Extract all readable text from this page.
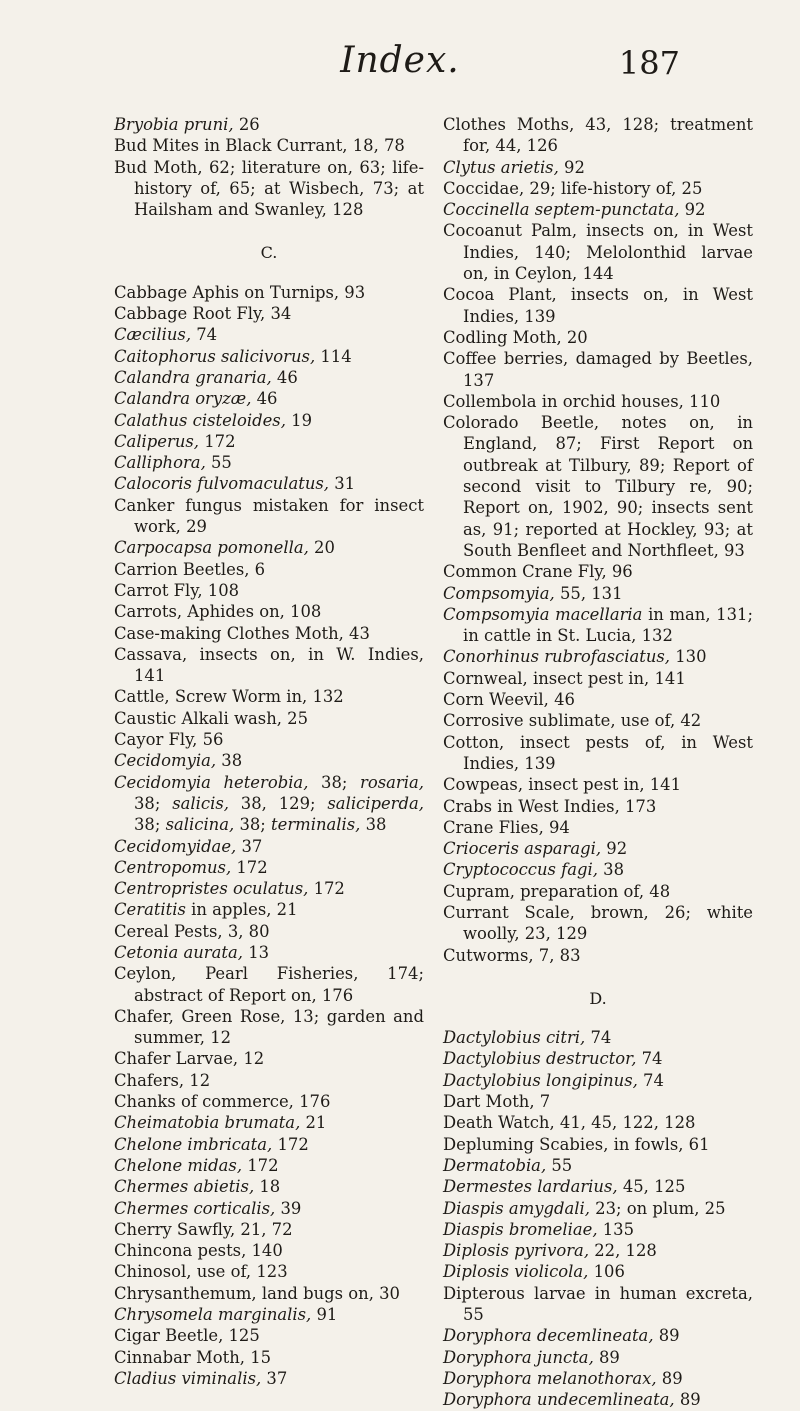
Index.	187

Bryobia pruni, 26

Bud Mites in Black Currant, 18, 78

Bud Moth, 62; literature on, 63; life-history of, 65; at Wisbech, 73; at Hailsham and Swanley, 128

C.

Cabbage Aphis on Turnips, 93

Cabbage Root Fly, 34

Cæcilius, 74

Caitophorus salicivorus, 114

Calandra granaria, 46

Calandra oryzæ, 46

Calathus cisteloides, 19

Caliperus, 172

Calliphora, 55

Calocoris fulvomaculatus, 31

Canker fungus mistaken for insect work, 29

Carpocapsa pomonella, 20

Carrion Beetles, 6

Carrot Fly, 108

Carrots, Aphides on, 108

Case-making Clothes Moth, 43

Cassava, insects on, in W. Indies, 141

Cattle, Screw Worm in, 132

Caustic Alkali wash, 25

Cayor Fly, 56

Cecidomyia, 38

Cecidomyia heterobia, 38; rosaria, 38; salicis, 38, 129; saliciperda, 38; salicina, 38; terminalis, 38

Cecidomyidae, 37

Centropomus, 172

Centropristes oculatus, 172

Ceratitis in apples, 21

Cereal Pests, 3, 80

Cetonia aurata, 13

Ceylon, Pearl Fisheries, 174; abstract of Report on, 176

Chafer, Green Rose, 13; garden and summer, 12

Chafer Larvae, 12

Chafers, 12

Chanks of commerce, 176

Cheimatobia brumata, 21

Chelone imbricata, 172

Chelone midas, 172

Chermes abietis, 18

Chermes corticalis, 39

Cherry Sawfly, 21, 72

Chincona pests, 140

Chinosol, use of, 123

Chrysanthemum, land bugs on, 30

Chrysomela marginalis, 91

Cigar Beetle, 125

Cinnabar Moth, 15

Cladius viminalis, 37

Clothes Moths, 43, 128; treatment for, 44, 126

Clytus arietis, 92

Coccidae, 29; life-history of, 25

Coccinella septem-punctata, 92

Cocoanut Palm, insects on, in West Indies, 140; Melolonthid larvae on, in Ceylon, 144

Cocoa Plant, insects on, in West Indies, 139

Codling Moth, 20

Coffee berries, damaged by Beetles, 137

Collembola in orchid houses, 110

Colorado Beetle, notes on, in England, 87; First Report on outbreak at Tilbury, 89; Report of second visit to Tilbury re, 90; Report on, 1902, 90; insects sent as, 91; reported at Hockley, 93; at South Benfleet and Northfleet, 93

Common Crane Fly, 96

Compsomyia, 55, 131

Compsomyia macellaria in man, 131; in cattle in St. Lucia, 132

Conorhinus rubrofasciatus, 130

Cornweal, insect pest in, 141

Corn Weevil, 46

Corrosive sublimate, use of, 42

Cotton, insect pests of, in West Indies, 139

Cowpeas, insect pest in, 141

Crabs in West Indies, 173

Crane Flies, 94

Crioceris asparagi, 92

Cryptococcus fagi, 38

Cupram, preparation of, 48

Currant Scale, brown, 26; white woolly, 23, 129

Cutworms, 7, 83

D.

Dactylobius citri, 74

Dactylobius destructor, 74

Dactylobius longipinus, 74

Dart Moth, 7

Death Watch, 41, 45, 122, 128

Depluming Scabies, in fowls, 61

Dermatobia, 55

Dermestes lardarius, 45, 125

Diaspis amygdali, 23; on plum, 25

Diaspis bromeliae, 135

Diplosis pyrivora, 22, 128

Diplosis violicola, 106

Dipterous larvae in human excreta, 55

Doryphora decemlineata, 89

Doryphora juncta, 89

Doryphora melanothorax, 89

Doryphora undecemlineata, 89
